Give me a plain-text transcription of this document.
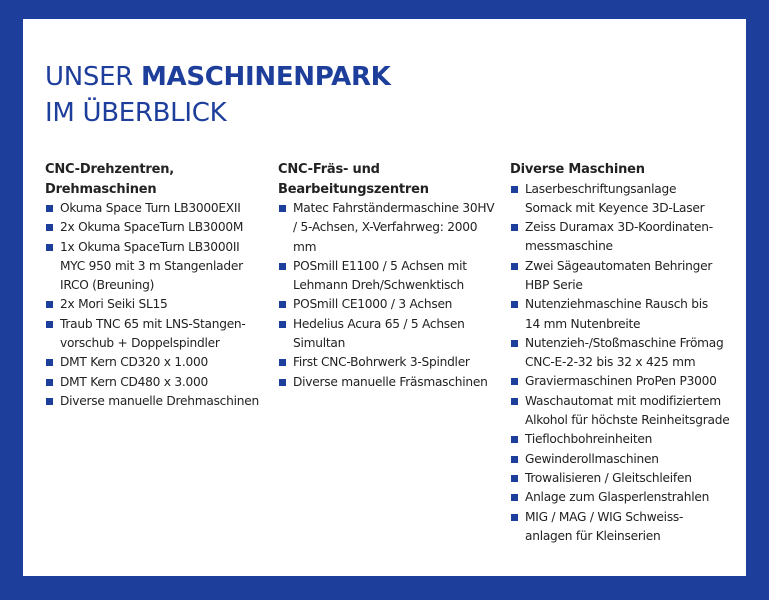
UNSER MASCHINENPARK
IM ÜBERBLICK
CNC-Drehzentren,
Drehmaschinen
Okuma Space Turn LB3000EXII
2x Okuma SpaceTurn LB3000M
1x Okuma SpaceTurn LB3000II MYC 950 mit 3 m Stangenlader IRCO (Breuning)
2x Mori Seiki SL15
Traub TNC 65 mit LNS-Stangen-vorschub + Doppelspindler
DMT Kern CD320 x 1.000
DMT Kern CD480 x 3.000
Diverse manuelle Drehmaschinen
CNC-Fräs- und
Bearbeitungszentren
Matec Fahrständermaschine 30HV / 5-Achsen, X-Verfahrweg: 2000 mm
POSmill E1100 / 5 Achsen mit Lehmann Dreh/Schwenktisch
POSmill CE1000 / 3 Achsen
Hedelius Acura 65 / 5 Achsen Simultan
First CNC-Bohrwerk 3-Spindler
Diverse manuelle Fräsmaschinen
Diverse Maschinen
Laserbeschriftungsanlage Somack mit Keyence 3D-Laser
Zeiss Duramax 3D-Koordinaten-messmaschine
Zwei Sägeautomaten Behringer HBP Serie
Nutenziehmaschine Rausch bis 14 mm Nutenbreite
Nutenzieh-/Stoßmaschine Frömag CNC-E-2-32 bis 32 x 425 mm
Graviermaschinen ProPen P3000
Waschautomat mit modifiziertem Alkohol für höchste Reinheitsgrade
Tieflochbohreinheiten
Gewinderollmaschinen
Trowalisieren / Gleitschleifen
Anlage zum Glasperlenstrahlen
MIG / MAG / WIG Schweiss-anlagen für Kleinserien
